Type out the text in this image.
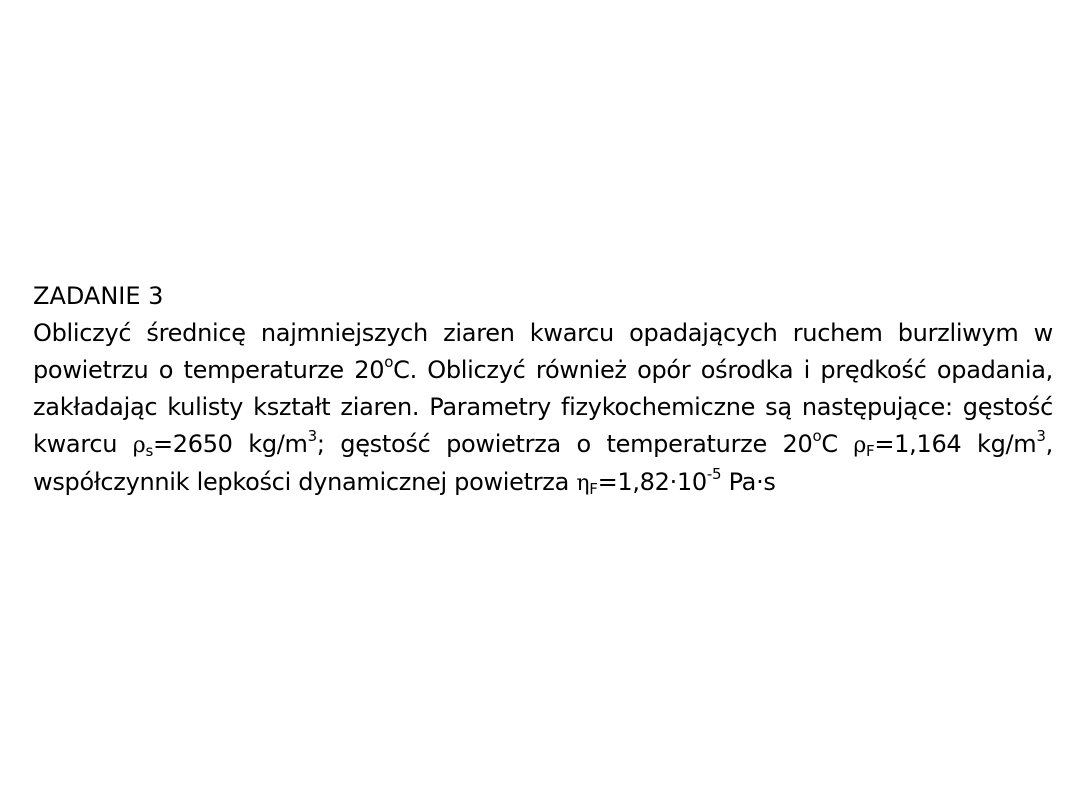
ZADANIE 3

Obliczyć średnicę najmniejszych ziaren kwarcu opadających ruchem burzliwym w powietrzu o temperaturze 20$^o$C. Obliczyć również opór ośrodka i prędkość opadania, zakładając kulisty kształt ziaren. Parametry fizykochemiczne są następujące: gęstość kwarcu $\rho_s=2650$ $kg/m^3$; gęstość powietrza o temperaturze 20$^o$C $\rho_F=1,164$ $kg/m^3$, współczynnik lepkości dynamicznej powietrza $\eta_F=1,82\cdot 10^{-5}$ Pa·s
